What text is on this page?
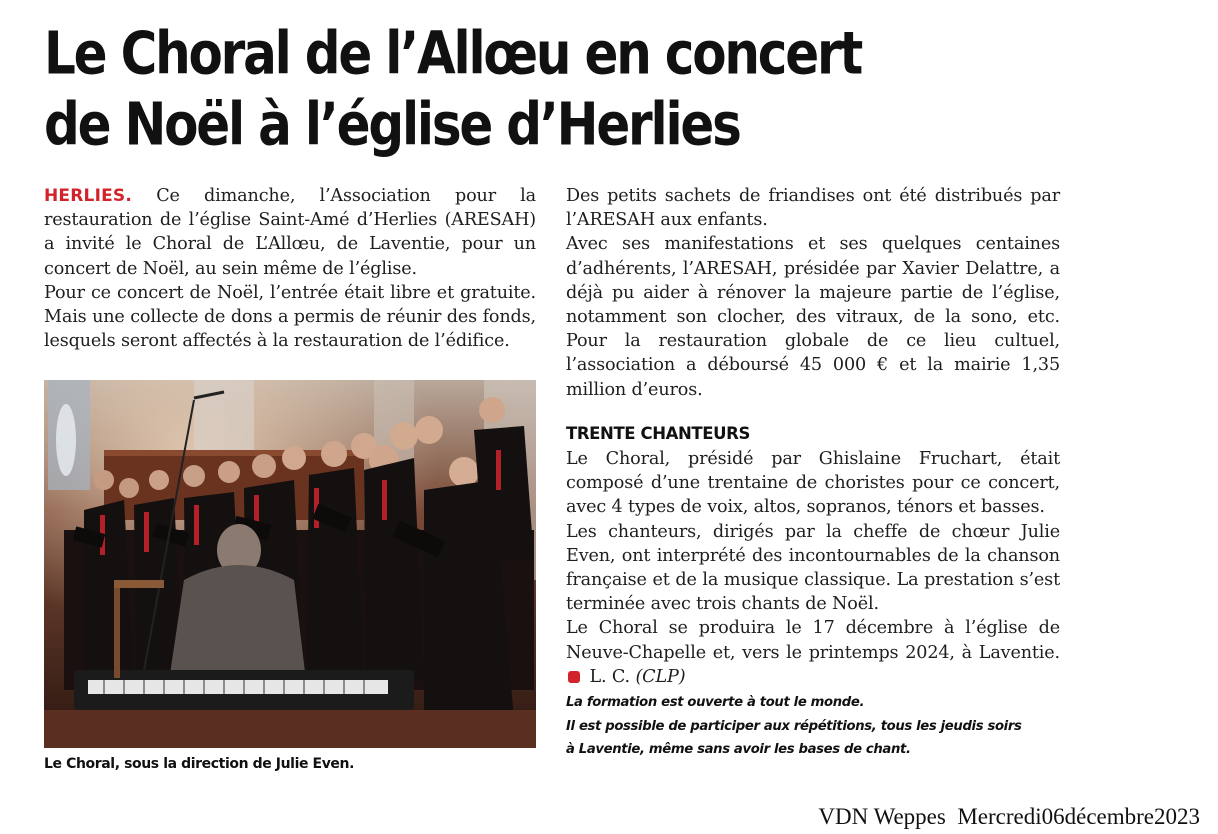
Le Choral de l’Allœu en concert
de Noël à l’église d’Herlies

HERLIES. Ce dimanche, l’Association pour la restauration de l’église Saint-Amé d’Herlies (ARESAH) a invité le Choral de L’Allœu, de Laventie, pour un concert de Noël, au sein même de l’église.

Pour ce concert de Noël, l’entrée était libre et gratuite. Mais une collecte de dons a permis de réunir des fonds, lesquels seront affectés à la restauration de l’édifice.

Le Choral, sous la direction de Julie Even.

Des petits sachets de friandises ont été distribués par l’ARESAH aux enfants.

Avec ses manifestations et ses quelques centaines d’adhérents, l’ARESAH, présidée par Xavier Delattre, a déjà pu aider à rénover la majeure partie de l’église, notamment son clocher, des vitraux, de la sono, etc. Pour la restauration globale de ce lieu cultuel, l’association a déboursé 45 000 € et la mairie 1,35 million d’euros.

TRENTE CHANTEURS

Le Choral, présidé par Ghislaine Fruchart, était composé d’une trentaine de choristes pour ce concert, avec 4 types de voix, altos, sopranos, ténors et basses.

Les chanteurs, dirigés par la cheffe de chœur Julie Even, ont interprété des incontournables de la chanson française et de la musique classique. La prestation s’est terminée avec trois chants de Noël.

Le Choral se produira le 17 décembre à l’église de Neuve-Chapelle et, vers le printemps 2024, à Laventie.  L. C. (CLP)

La formation est ouverte à tout le monde.

Il est possible de participer aux répétitions, tous les jeudis soirs

à Laventie, même sans avoir les bases de chant.

VDN Weppes  Mercredi06décembre2023
